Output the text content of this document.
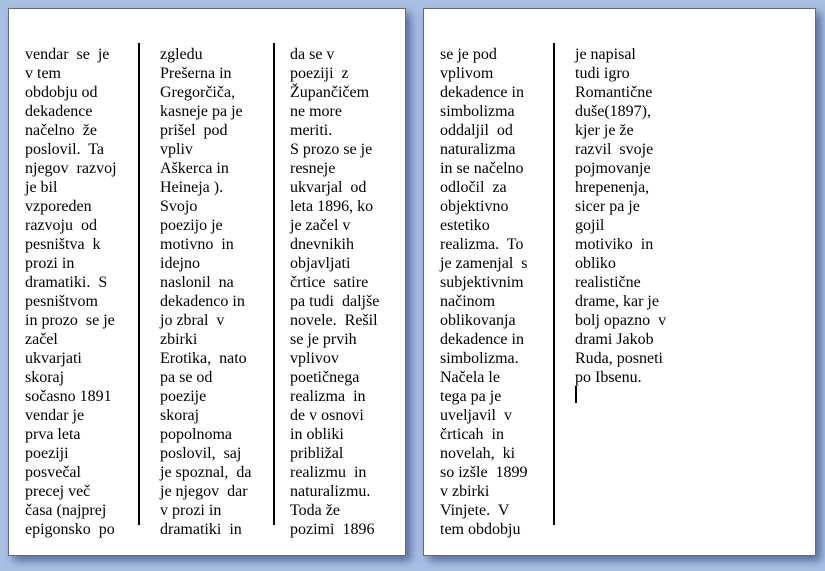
vendar  se  je
v tem
obdobju od
dekadence
načelno  že
poslovil.  Ta
njegov  razvoj
je bil
vzporeden
razvoju  od
pesništva  k
prozi in
dramatiki.  S
pesništvom
in prozo  se je
začel
ukvarjati
skoraj
sočasno 1891
vendar je
prva leta
poeziji
posvečal
precej več
časa (najprej
epigonsko  po
zgledu
Prešerna in
Gregorčiča,
kasneje pa je
prišel  pod
vpliv
Aškerca in
Heineja ).
Svojo
poezijo je
motivno  in
idejno
naslonil  na
dekadenco in
jo zbral  v
zbirki
Erotika,  nato
pa se od
poezije
skoraj
popolnoma
poslovil,  saj
je spoznal,  da
je njegov  dar
v prozi in
dramatiki  in
da se v
poeziji  z
Župančičem
ne more
meriti.
S prozo se je
resneje
ukvarjal  od
leta 1896, ko
je začel v
dnevnikih
objavljati
črtice  satire
pa tudi  daljše
novele.  Rešil
se je prvih
vplivov
poetičnega
realizma  in
de v osnovi
in obliki
približal
realizmu  in
naturalizmu.
Toda že
pozimi  1896
se je pod
vplivom
dekadence in
simbolizma
oddaljil  od
naturalizma
in se načelno
odločil  za
objektivno
estetiko
realizma.  To
je zamenjal  s
subjektivnim
načinom
oblikovanja
dekadence in
simbolizma.
Načela le
tega pa je
uveljavil  v
črticah  in
novelah,  ki
so izšle  1899
v zbirki
Vinjete.  V
tem obdobju
je napisal
tudi igro
Romantične
duše(1897),
kjer je že
razvil  svoje
pojmovanje
hrepenenja,
sicer pa je
gojil
motiviko  in
obliko
realistične
drame, kar je
bolj opazno  v
drami Jakob
Ruda, posneti
po Ibsenu.
